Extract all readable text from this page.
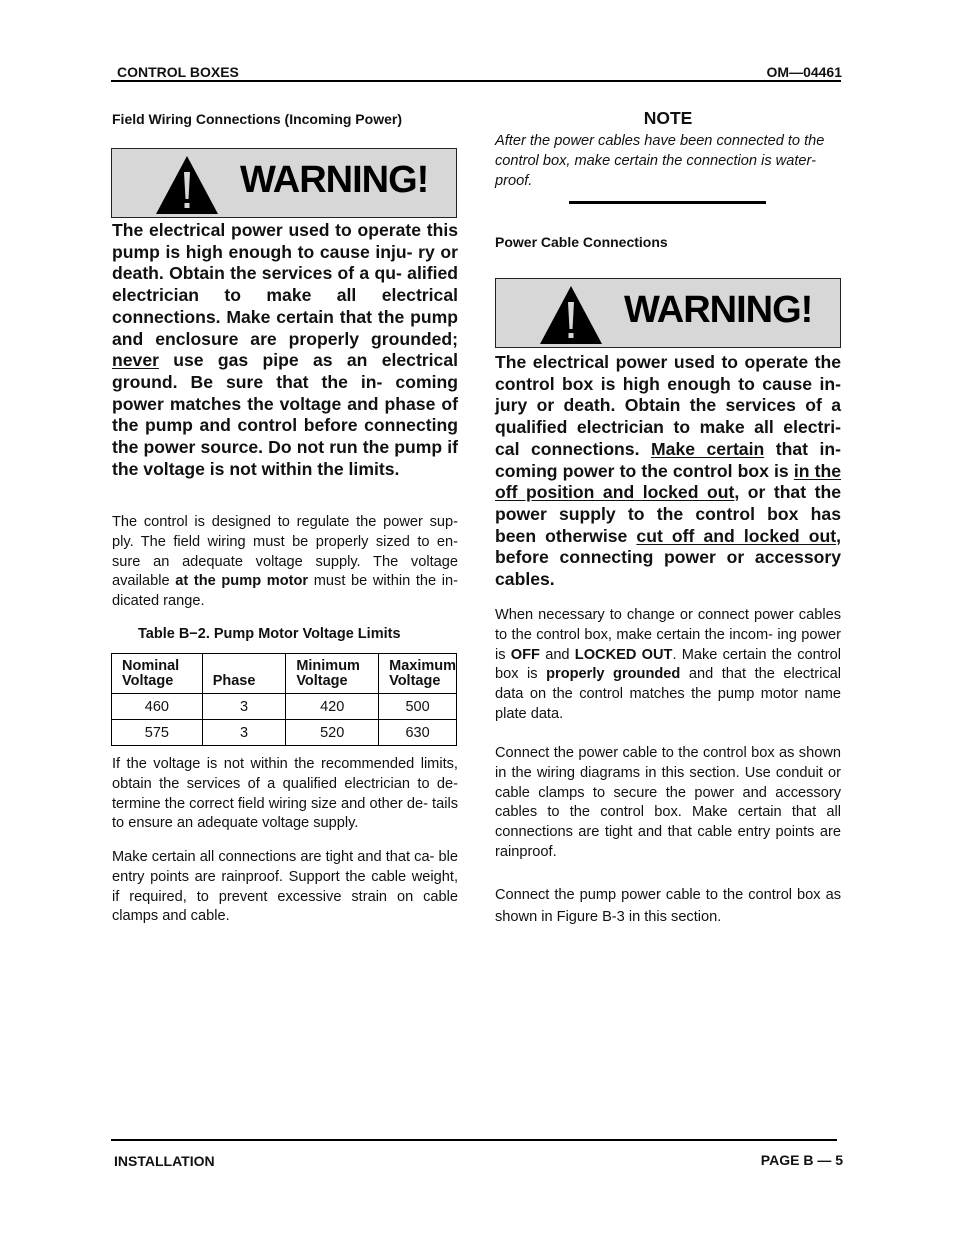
CONTROL BOXES	OM—04461
Field Wiring Connections (Incoming Power)
WARNING!
The electrical power used to operate this pump is high enough to cause inju- ry or death. Obtain the services of a qu- alified electrician to make all electrical connections. Make certain that the pump and enclosure are properly grounded; never use gas pipe as an electrical ground. Be sure that the in- coming power matches the voltage and phase of the pump and control before connecting the power source. Do not run the pump if the voltage is not within the limits.
The control is designed to regulate the power sup- ply. The field wiring must be properly sized to en- sure an adequate voltage supply. The voltage available at the pump motor must be within the in- dicated range.
Table B−2. Pump Motor Voltage Limits
Nominal Voltage	Phase	Minimum Voltage	Maximum Voltage
460	3	420	500
575	3	520	630
If the voltage is not within the recommended limits, obtain the services of a qualified electrician to de- termine the correct field wiring size and other de- tails to ensure an adequate voltage supply.
Make certain all connections are tight and that ca- ble entry points are rainproof. Support the cable weight, if required, to prevent excessive strain on cable clamps and cable.
NOTE
After the power cables have been connected to the control box, make certain the connection is water- proof.
Power Cable Connections
WARNING!
The electrical power used to operate the control box is high enough to cause in- jury or death. Obtain the services of a qualified electrician to make all electri- cal connections. Make certain that in- coming power to the control box is in the off position and locked out, or that the power supply to the control box has been otherwise cut off and locked out, before connecting power or accessory cables.
When necessary to change or connect power cables to the control box, make certain the incom- ing power is OFF and LOCKED OUT. Make certain the control box is properly grounded and that the electrical data on the control matches the pump motor name plate data.
Connect the power cable to the control box as shown in the wiring diagrams in this section. Use conduit or cable clamps to secure the power and accessory cables to the control box. Make certain that all connections are tight and that cable entry points are rainproof.
Connect the pump power cable to the control box as shown in Figure B-3 in this section.
INSTALLATION	PAGE B — 5
